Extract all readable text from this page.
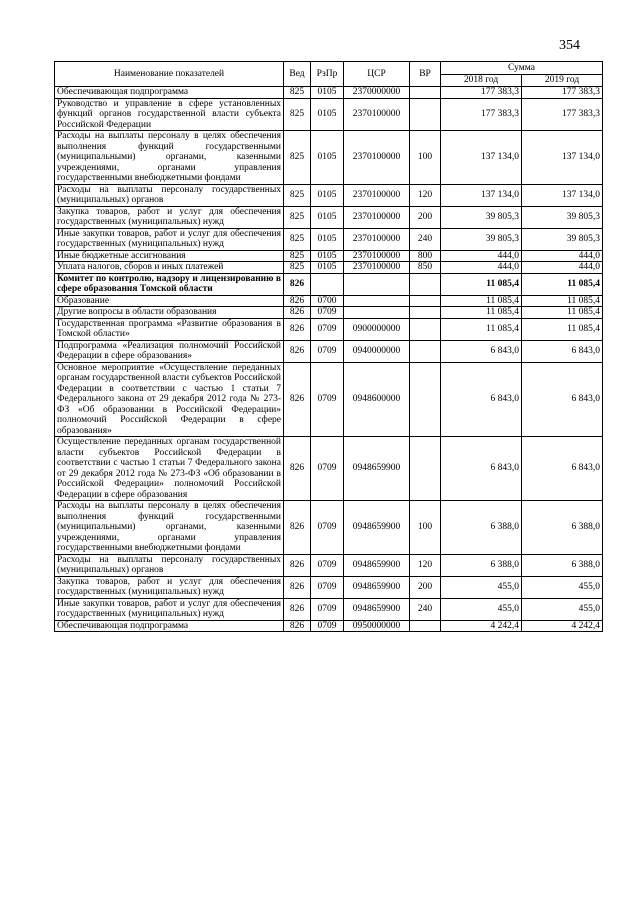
354
Наименование показателей	Вед	РзПр	ЦСР	ВР	Сумма	
					2018 год	2019 год
Обеспечивающая подпрограмма	825	0105	2370000000		177 383,3	177 383,3
Руководство и управление в сфере установленных функций органов государственной власти субъекта Российской Федерации	825	0105	2370100000		177 383,3	177 383,3
Расходы на выплаты персоналу в целях обеспечения выполнения функций государственными (муниципальными) органами, казенными учреждениями, органами управления государственными внебюджетными фондами	825	0105	2370100000	100	137 134,0	137 134,0
Расходы на выплаты персоналу государственных (муниципальных) органов	825	0105	2370100000	120	137 134,0	137 134,0
Закупка товаров, работ и услуг для обеспечения государственных (муниципальных) нужд	825	0105	2370100000	200	39 805,3	39 805,3
Иные закупки товаров, работ и услуг для обеспечения государственных (муниципальных) нужд	825	0105	2370100000	240	39 805,3	39 805,3
Иные бюджетные ассигнования	825	0105	2370100000	800	444,0	444,0
Уплата налогов, сборов и иных платежей	825	0105	2370100000	850	444,0	444,0
Комитет по контролю, надзору и лицензированию в сфере образования Томской области	826				11 085,4	11 085,4
Образование	826	0700			11 085,4	11 085,4
Другие вопросы в области образования	826	0709			11 085,4	11 085,4
Государственная программа «Развитие образования в Томской области»	826	0709	0900000000		11 085,4	11 085,4
Подпрограмма «Реализация полномочий Российской Федерации в сфере образования»	826	0709	0940000000		6 843,0	6 843,0
Основное мероприятие «Осуществление переданных органам государственной власти субъектов Российской Федерации в соответствии с частью 1 статьи 7 Федерального закона от 29 декабря 2012 года № 273-ФЗ «Об образовании в Российской Федерации» полномочий Российской Федерации в сфере образования»	826	0709	0948600000		6 843,0	6 843,0
Осуществление переданных органам государственной власти субъектов Российской Федерации в соответствии с частью 1 статьи 7 Федерального закона от 29 декабря 2012 года № 273-ФЗ «Об образовании в Российской Федерации» полномочий Российской Федерации в сфере образования	826	0709	0948659900		6 843,0	6 843,0
Расходы на выплаты персоналу в целях обеспечения выполнения функций государственными (муниципальными) органами, казенными учреждениями, органами управления государственными внебюджетными фондами	826	0709	0948659900	100	6 388,0	6 388,0
Расходы на выплаты персоналу государственных (муниципальных) органов	826	0709	0948659900	120	6 388,0	6 388,0
Закупка товаров, работ и услуг для обеспечения государственных (муниципальных) нужд	826	0709	0948659900	200	455,0	455,0
Иные закупки товаров, работ и услуг для обеспечения государственных (муниципальных) нужд	826	0709	0948659900	240	455,0	455,0
Обеспечивающая подпрограмма	826	0709	0950000000		4 242,4	4 242,4
